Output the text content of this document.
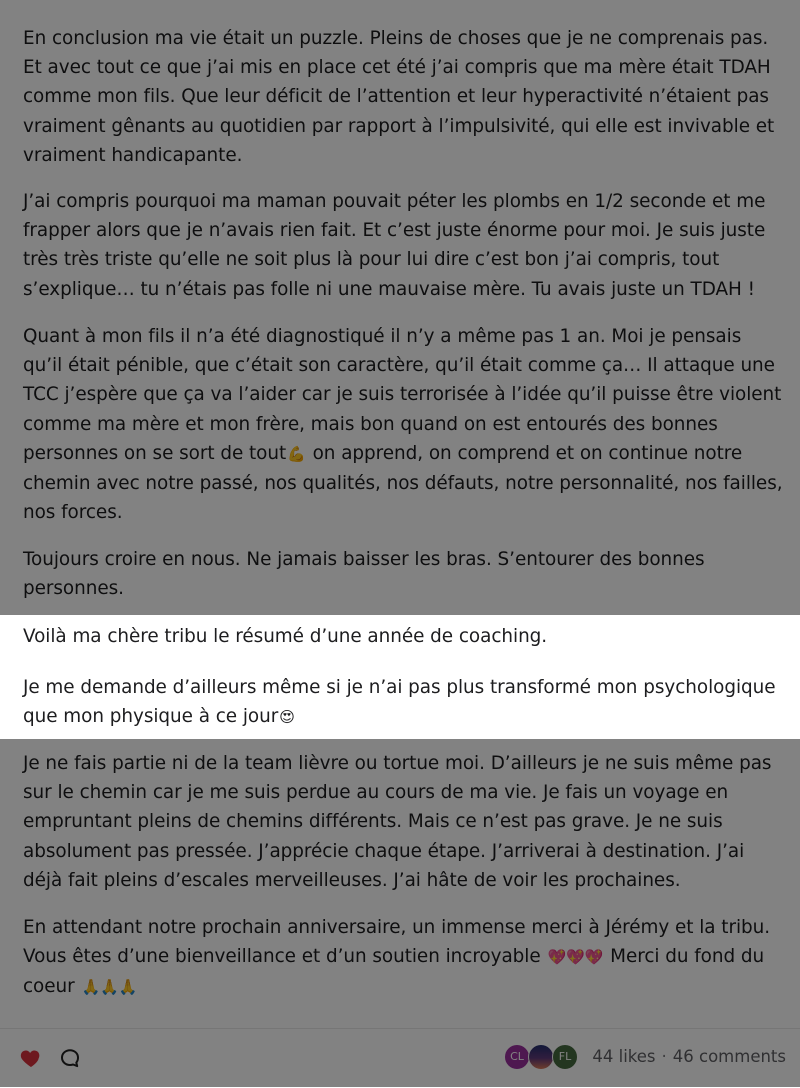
En conclusion ma vie était un puzzle. Pleins de choses que je ne comprenais pas. Et avec tout ce que j’ai mis en place cet été j’ai compris que ma mère était TDAH comme mon fils. Que leur déficit de l’attention et leur hyperactivité n’étaient pas vraiment gênants au quotidien par rapport à l’impulsivité, qui elle est invivable et vraiment handicapante.

J’ai compris pourquoi ma maman pouvait péter les plombs en 1/2 seconde et me frapper alors que je n’avais rien fait. Et c’est juste énorme pour moi. Je suis juste très très triste qu’elle ne soit plus là pour lui dire c’est bon j’ai compris, tout s’explique… tu n’étais pas folle ni une mauvaise mère. Tu avais juste un TDAH !

Quant à mon fils il n’a été diagnostiqué il n’y a même pas 1 an. Moi je pensais qu’il était pénible, que c’était son caractère, qu’il était comme ça… Il attaque une TCC j’espère que ça va l’aider car je suis terrorisée à l’idée qu’il puisse être violent comme ma mère et mon frère, mais bon quand on est entourés des bonnes personnes on se sort de tout💪 on apprend, on comprend et on continue notre chemin avec notre passé, nos qualités, nos défauts, notre personnalité, nos failles, nos forces.

Toujours croire en nous. Ne jamais baisser les bras. S’entourer des bonnes personnes.

Voilà ma chère tribu le résumé d’une année de coaching.

Je me demande d’ailleurs même si je n’ai pas plus transformé mon psychologique que mon physique à ce jour😍

Je ne fais partie ni de la team lièvre ou tortue moi. D’ailleurs je ne suis même pas sur le chemin car je me suis perdue au cours de ma vie. Je fais un voyage en empruntant pleins de chemins différents. Mais ce n’est pas grave. Je ne suis absolument pas pressée. J’apprécie chaque étape. J’arriverai à destination. J’ai déjà fait pleins d’escales merveilleuses. J’ai hâte de voir les prochaines.

En attendant notre prochain anniversaire, un immense merci à Jérémy et la tribu. Vous êtes d’une bienveillance et d’un soutien incroyable 💖💖💖 Merci du fond du coeur 🙏🙏🙏

CL	FL	44 likes · 46 comments
